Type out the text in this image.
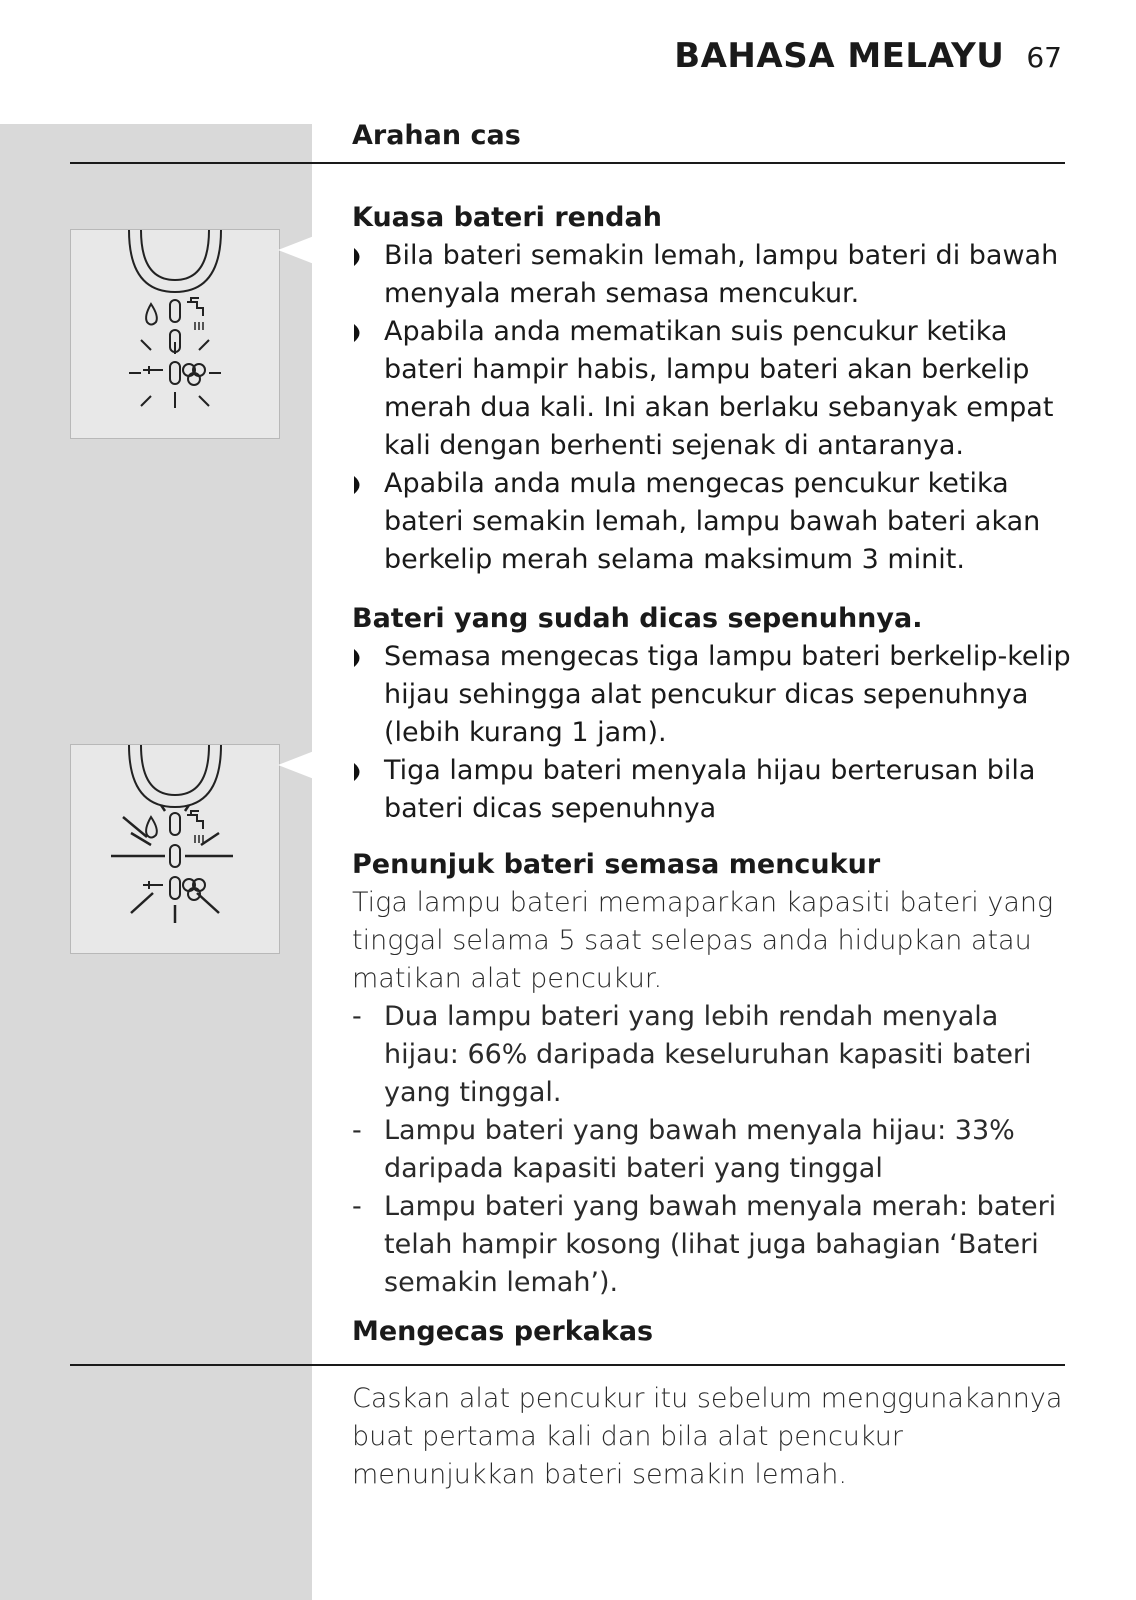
BAHASA MELAYU 67
Arahan cas
Kuasa bateri rendah
Bila bateri semakin lemah, lampu bateri di bawah menyala merah semasa mencukur.
Apabila anda mematikan suis pencukur ketika bateri hampir habis, lampu bateri akan berkelip merah dua kali. Ini akan berlaku sebanyak empat kali dengan berhenti sejenak di antaranya.
Apabila anda mula mengecas pencukur ketika bateri semakin lemah, lampu bawah bateri akan berkelip merah selama maksimum 3 minit.
Bateri yang sudah dicas sepenuhnya.
Semasa mengecas tiga lampu bateri berkelip-kelip hijau sehingga alat pencukur dicas sepenuhnya (lebih kurang 1 jam).
Tiga lampu bateri menyala hijau berterusan bila bateri dicas sepenuhnya
Penunjuk bateri semasa mencukur

Tiga lampu bateri memaparkan kapasiti bateri yang tinggal selama 5 saat selepas anda hidupkan atau matikan alat pencukur.

- Dua lampu bateri yang lebih rendah menyala hijau: 66% daripada keseluruhan kapasiti bateri yang tinggal.
- Lampu bateri yang bawah menyala hijau: 33% daripada kapasiti bateri yang tinggal
- Lampu bateri yang bawah menyala merah: bateri telah hampir kosong (lihat juga bahagian ‘Bateri semakin lemah’).
Mengecas perkakas

Caskan alat pencukur itu sebelum menggunakannya buat pertama kali dan bila alat pencukur menunjukkan bateri semakin lemah.
